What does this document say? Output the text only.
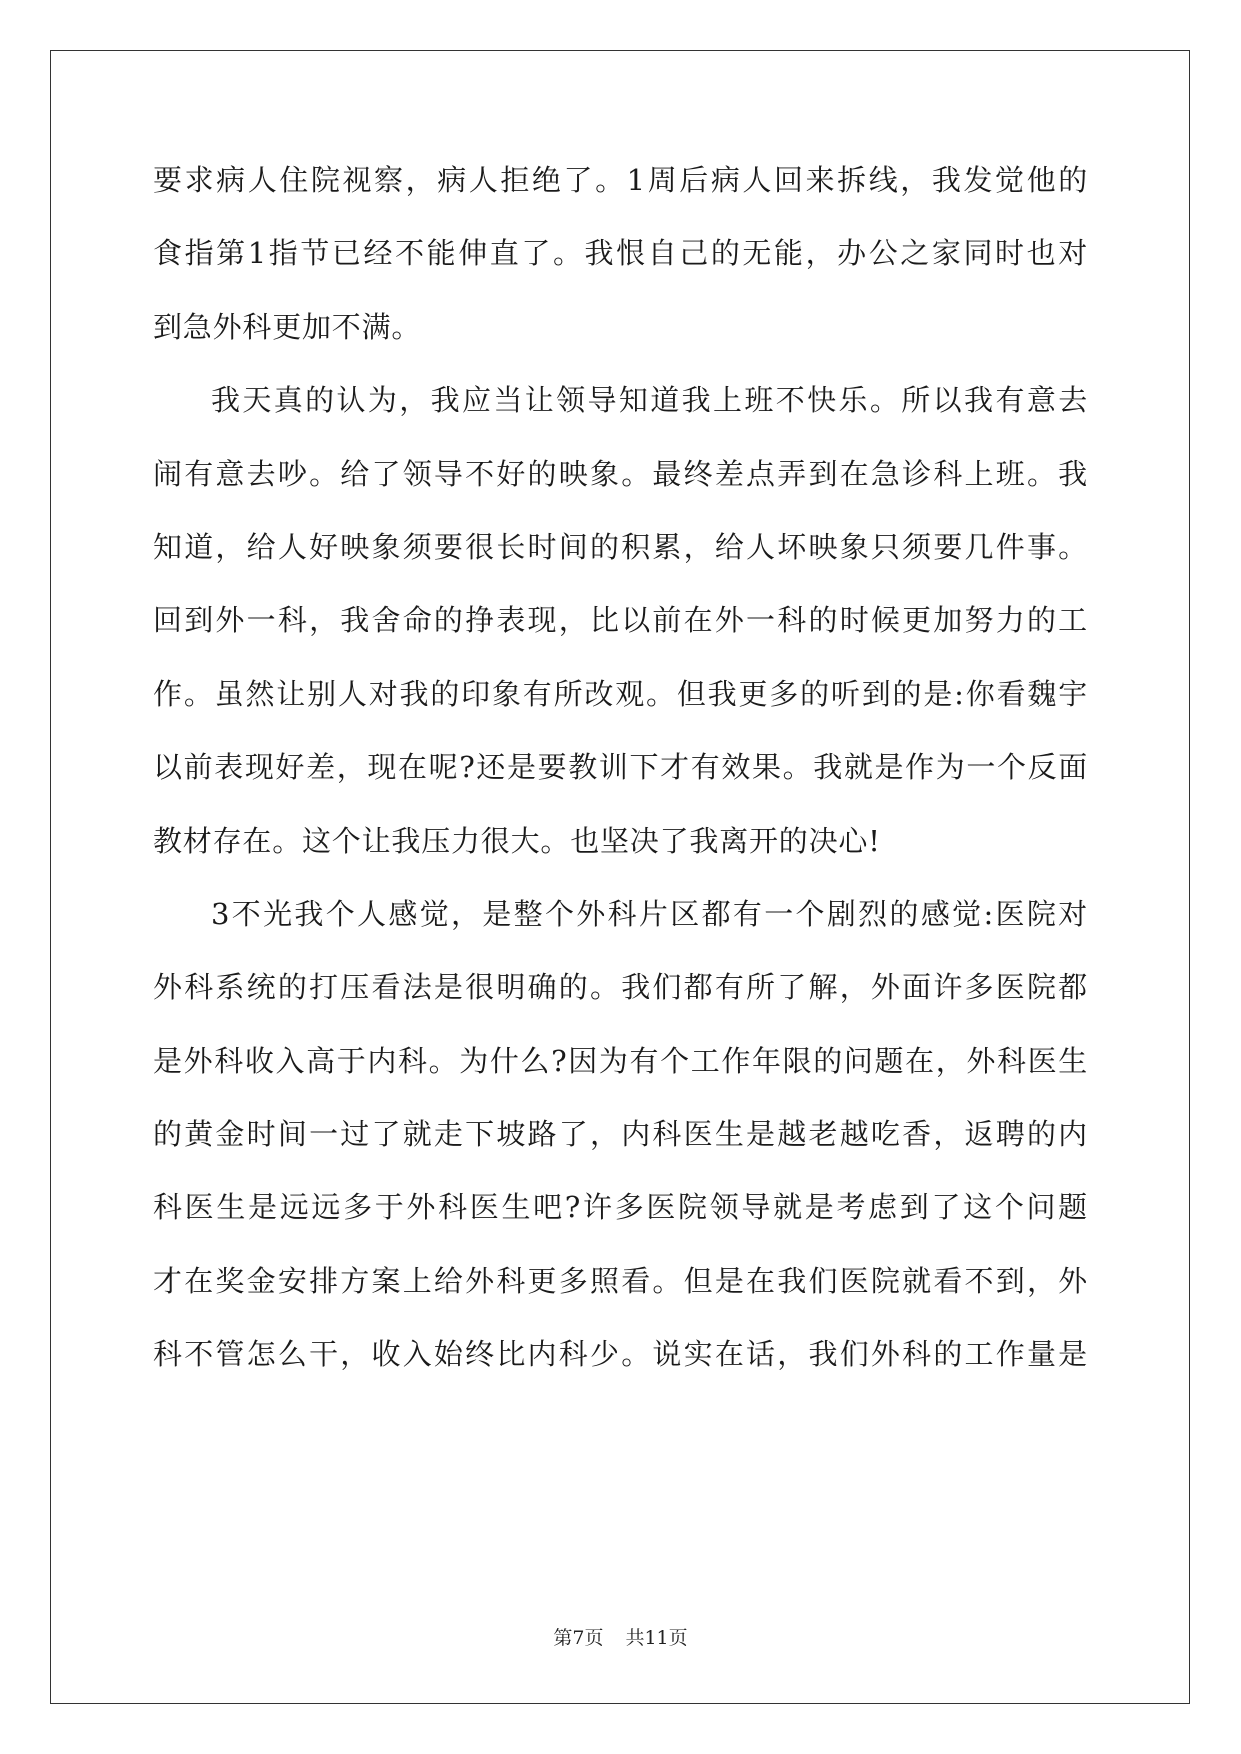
要求病人住院视察，病人拒绝了。1周后病人回来拆线，我发觉他的
食指第1指节已经不能伸直了。我恨自己的无能，办公之家同时也对
到急外科更加不满。
我天真的认为，我应当让领导知道我上班不快乐。所以我有意去
闹有意去吵。给了领导不好的映象。最终差点弄到在急诊科上班。我
知道，给人好映象须要很长时间的积累，给人坏映象只须要几件事。
回到外一科，我舍命的挣表现，比以前在外一科的时候更加努力的工
作。虽然让别人对我的印象有所改观。但我更多的听到的是:你看魏宇
以前表现好差，现在呢?还是要教训下才有效果。我就是作为一个反面
教材存在。这个让我压力很大。也坚决了我离开的决心!
3不光我个人感觉，是整个外科片区都有一个剧烈的感觉:医院对
外科系统的打压看法是很明确的。我们都有所了解，外面许多医院都
是外科收入高于内科。为什么?因为有个工作年限的问题在，外科医生
的黄金时间一过了就走下坡路了，内科医生是越老越吃香，返聘的内
科医生是远远多于外科医生吧?许多医院领导就是考虑到了这个问题
才在奖金安排方案上给外科更多照看。但是在我们医院就看不到，外
科不管怎么干，收入始终比内科少。说实在话，我们外科的工作量是
第7页 共11页
